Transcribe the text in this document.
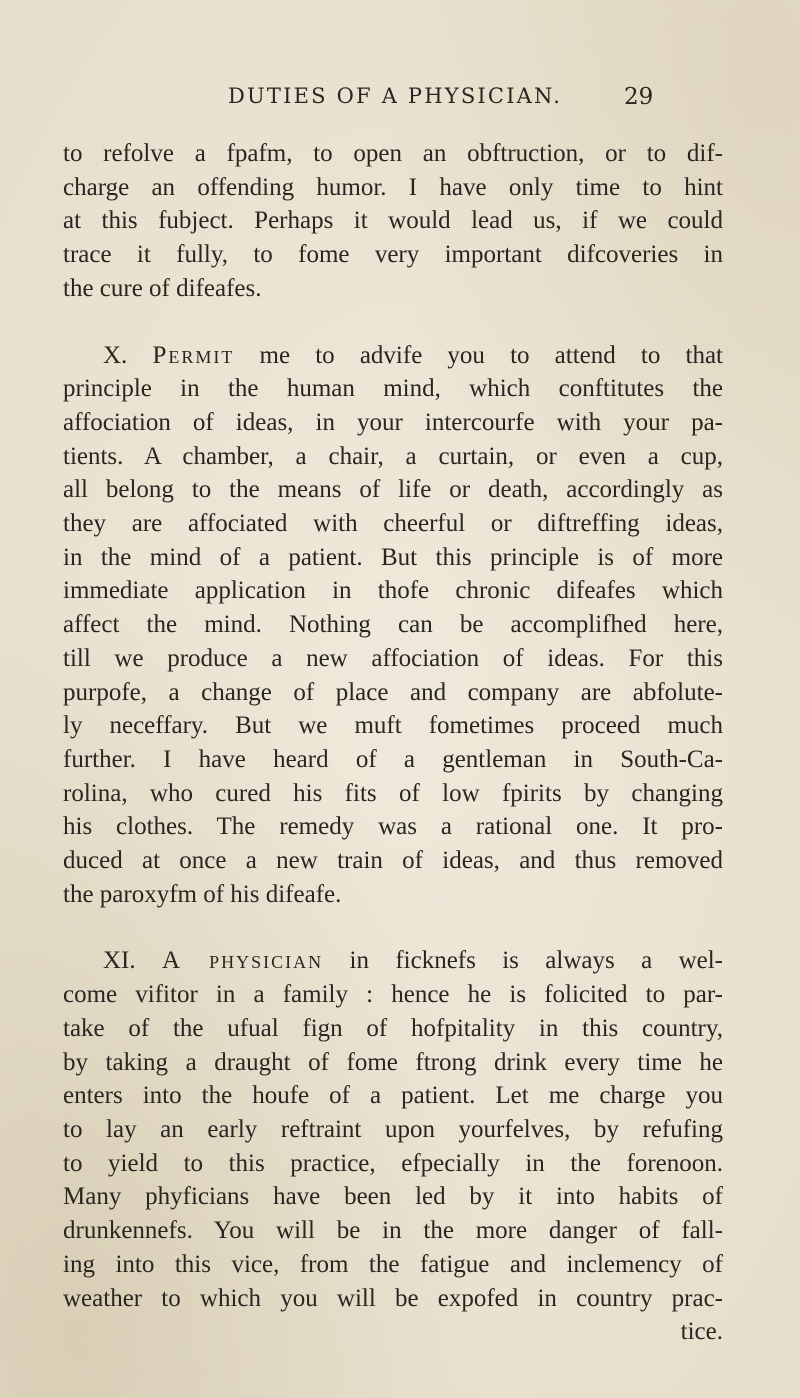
DUTIES OF A PHYSICIAN.	29
to refolve a fpafm, to open an obftruction, or to dif-
charge an offending humor. I have only time to hint
at this fubject. Perhaps it would lead us, if we could
trace it fully, to fome very important difcoveries in
the cure of difeafes.
X. Permit me to advife you to attend to that
principle in the human mind, which conftitutes the
affociation of ideas, in your intercourfe with your pa-
tients. A chamber, a chair, a curtain, or even a cup,
all belong to the means of life or death, accordingly as
they are affociated with cheerful or diftreffing ideas,
in the mind of a patient. But this principle is of more
immediate application in thofe chronic difeafes which
affect the mind. Nothing can be accomplifhed here,
till we produce a new affociation of ideas. For this
purpofe, a change of place and company are abfolute-
ly neceffary. But we muft fometimes proceed much
further. I have heard of a gentleman in South-Ca-
rolina, who cured his fits of low fpirits by changing
his clothes. The remedy was a rational one. It pro-
duced at once a new train of ideas, and thus removed
the paroxyfm of his difeafe.
XI. A physician in ficknefs is always a wel-
come vifitor in a family : hence he is folicited to par-
take of the ufual fign of hofpitality in this country,
by taking a draught of fome ftrong drink every time he
enters into the houfe of a patient. Let me charge you
to lay an early reftraint upon yourfelves, by refufing
to yield to this practice, efpecially in the forenoon.
Many phyficians have been led by it into habits of
drunkennefs. You will be in the more danger of fall-
ing into this vice, from the fatigue and inclemency of
weather to which you will be expofed in country prac-
tice.
